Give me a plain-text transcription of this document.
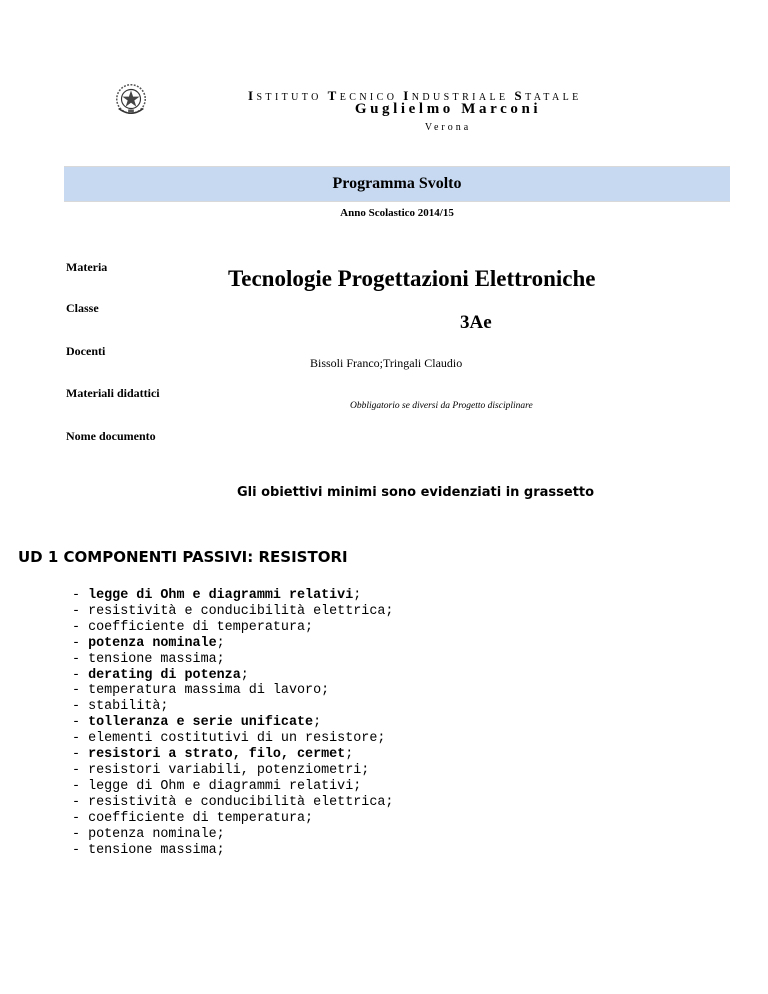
ISTITUTO TECNICO INDUSTRIALE STATALE
Guglielmo Marconi
Verona
Programma Svolto
Anno Scolastico 2014/15
Materia	Tecnologie Progettazioni Elettroniche
Classe
3Ae
Docenti
Bissoli Franco;Tringali Claudio
Materiali didattici
Obbligatorio se diversi da Progetto disciplinare
Nome documento
Gli obiettivi minimi sono evidenziati in grassetto
UD 1 COMPONENTI PASSIVI: RESISTORI
- legge di Ohm e diagrammi relativi;
- resistività e conducibilità elettrica;
- coefficiente di temperatura;
- potenza nominale;
- tensione massima;
- derating di potenza;
- temperatura massima di lavoro;
- stabilità;
- tolleranza e serie unificate;
- elementi costitutivi di un resistore;
- resistori a strato, filo, cermet;
- resistori variabili, potenziometri;
- legge di Ohm e diagrammi relativi;
- resistività e conducibilità elettrica;
- coefficiente di temperatura;
- potenza nominale;
- tensione massima;
